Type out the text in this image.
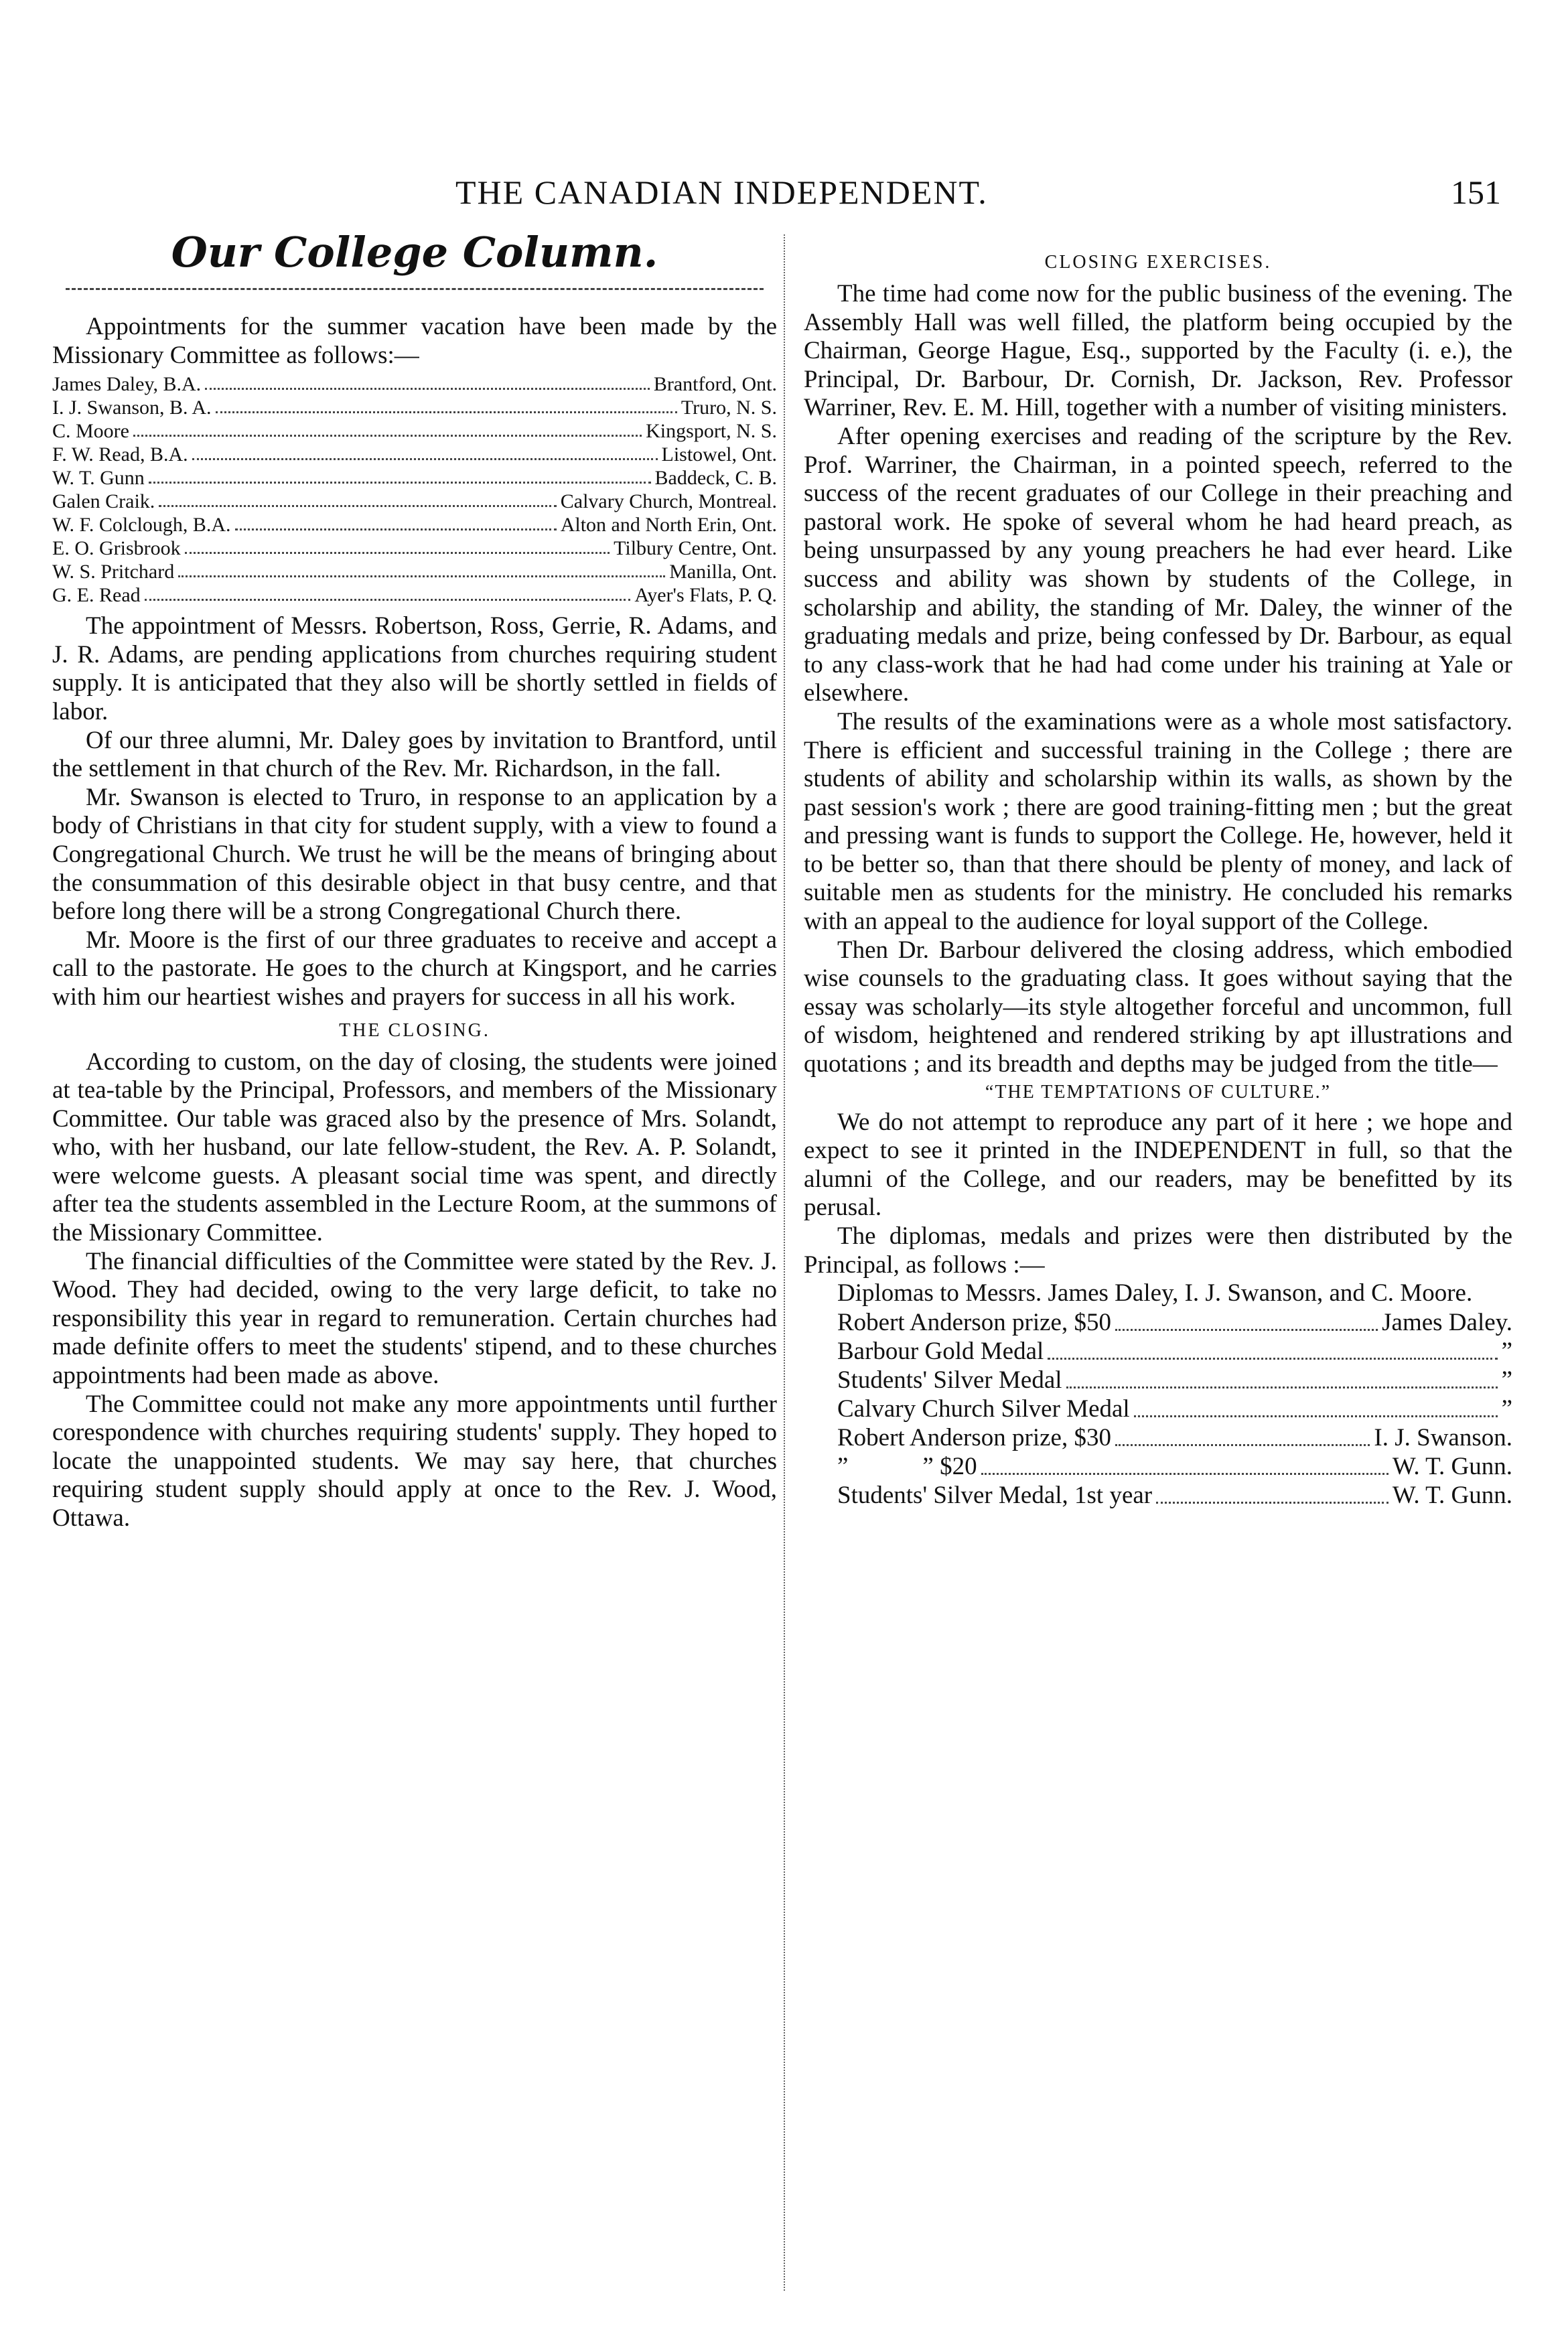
THE CANADIAN INDEPENDENT.	151
Our College Column.

Appointments for the summer vacation have been made by the Missionary Committee as follows:—

James Daley, B.A.	Brantford, Ont.
I. J. Swanson, B. A.	Truro, N. S.
C. Moore	Kingsport, N. S.
F. W. Read, B.A.	Listowel, Ont.
W. T. Gunn	Baddeck, C. B.
Galen Craik.	Calvary Church, Montreal.
W. F. Colclough, B.A.	Alton and North Erin, Ont.
E. O. Grisbrook	Tilbury Centre, Ont.
W. S. Pritchard	Manilla, Ont.
G. E. Read	Ayer's Flats, P. Q.

The appointment of Messrs. Robertson, Ross, Gerrie, R. Adams, and J. R. Adams, are pending applications from churches requiring student supply. It is anticipated that they also will be shortly settled in fields of labor.

Of our three alumni, Mr. Daley goes by invitation to Brantford, until the settlement in that church of the Rev. Mr. Richardson, in the fall.

Mr. Swanson is elected to Truro, in response to an application by a body of Christians in that city for student supply, with a view to found a Congregational Church. We trust he will be the means of bringing about the consummation of this desirable object in that busy centre, and that before long there will be a strong Congregational Church there.

Mr. Moore is the first of our three graduates to receive and accept a call to the pastorate. He goes to the church at Kingsport, and he carries with him our heartiest wishes and prayers for success in all his work.

THE CLOSING.

According to custom, on the day of closing, the students were joined at tea-table by the Principal, Professors, and members of the Missionary Committee. Our table was graced also by the presence of Mrs. Solandt, who, with her husband, our late fellow-student, the Rev. A. P. Solandt, were welcome guests. A pleasant social time was spent, and directly after tea the students assembled in the Lecture Room, at the summons of the Missionary Committee.

The financial difficulties of the Committee were stated by the Rev. J. Wood. They had decided, owing to the very large deficit, to take no responsibility this year in regard to remuneration. Certain churches had made definite offers to meet the students' stipend, and to these churches appointments had been made as above.

The Committee could not make any more appointments until further corespondence with churches requiring students' supply. They hoped to locate the unappointed students. We may say here, that churches requiring student supply should apply at once to the Rev. J. Wood, Ottawa.

CLOSING EXERCISES.

The time had come now for the public business of the evening. The Assembly Hall was well filled, the platform being occupied by the Chairman, George Hague, Esq., supported by the Faculty (i. e.), the Principal, Dr. Barbour, Dr. Cornish, Dr. Jackson, Rev. Professor Warriner, Rev. E. M. Hill, together with a number of visiting ministers.

After opening exercises and reading of the scripture by the Rev. Prof. Warriner, the Chairman, in a pointed speech, referred to the success of the recent graduates of our College in their preaching and pastoral work. He spoke of several whom he had heard preach, as being unsurpassed by any young preachers he had ever heard. Like success and ability was shown by students of the College, in scholarship and ability, the standing of Mr. Daley, the winner of the graduating medals and prize, being confessed by Dr. Barbour, as equal to any class-work that he had had come under his training at Yale or elsewhere.

The results of the examinations were as a whole most satisfactory. There is efficient and successful training in the College ; there are students of ability and scholarship within its walls, as shown by the past session's work ; there are good training-fitting men ; but the great and pressing want is funds to support the College. He, however, held it to be better so, than that there should be plenty of money, and lack of suitable men as students for the ministry. He concluded his remarks with an appeal to the audience for loyal support of the College.

Then Dr. Barbour delivered the closing address, which embodied wise counsels to the graduating class. It goes without saying that the essay was scholarly—its style altogether forceful and uncommon, full of wisdom, heightened and rendered striking by apt illustrations and quotations ; and its breadth and depths may be judged from the title—

“THE TEMPTATIONS OF CULTURE.”

We do not attempt to reproduce any part of it here ; we hope and expect to see it printed in the INDEPENDENT in full, so that the alumni of the College, and our readers, may be benefitted by its perusal.

The diplomas, medals and prizes were then distributed by the Principal, as follows :—

Diplomas to Messrs. James Daley, I. J. Swanson, and C. Moore.

Robert Anderson prize, $50	James Daley.
Barbour Gold Medal	”
Students' Silver Medal	”
Calvary Church Silver Medal	”
Robert Anderson prize, $30	I. J. Swanson.
”            ” $20	W. T. Gunn.
Students' Silver Medal, 1st year	W. T. Gunn.
